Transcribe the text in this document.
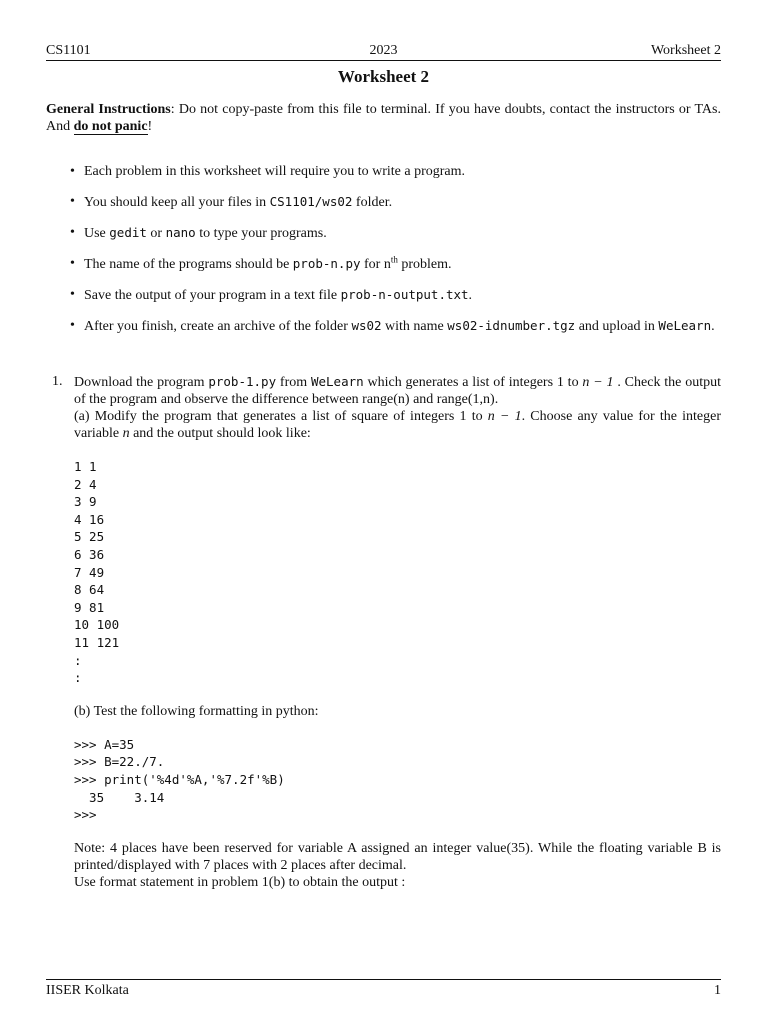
CS1101	2023	Worksheet 2
Worksheet 2
General Instructions: Do not copy-paste from this file to terminal. If you have doubts, contact the instructors or TAs. And do not panic!
• Each problem in this worksheet will require you to write a program.
• You should keep all your files in CS1101/ws02 folder.
• Use gedit or nano to type your programs.
• The name of the programs should be prob-n.py for $n^{th}$ problem.
• Save the output of your program in a text file prob-n-output.txt.
• After you finish, create an archive of the folder ws02 with name ws02-idnumber.tgz and upload in WeLearn.
1. Download the program prob-1.py from WeLearn which generates a list of integers 1 to n − 1 . Check the output of the program and observe the difference between range(n) and range(1,n).
(a) Modify the program that generates a list of square of integers 1 to n − 1. Choose any value for the integer variable n and the output should look like:
1 1
2 4
3 9
4 16
5 25
6 36
7 49
8 64
9 81
10 100
11 121
:
:
(b) Test the following formatting in python:
>>> A=35
>>> B=22./7.
>>> print('%4d'%A,'%7.2f'%B)
35    3.14
>>>
Note: 4 places have been reserved for variable A assigned an integer value(35). While the floating variable B is printed/displayed with 7 places with 2 places after decimal.
Use format statement in problem 1(b) to obtain the output :
IISER Kolkata	1
